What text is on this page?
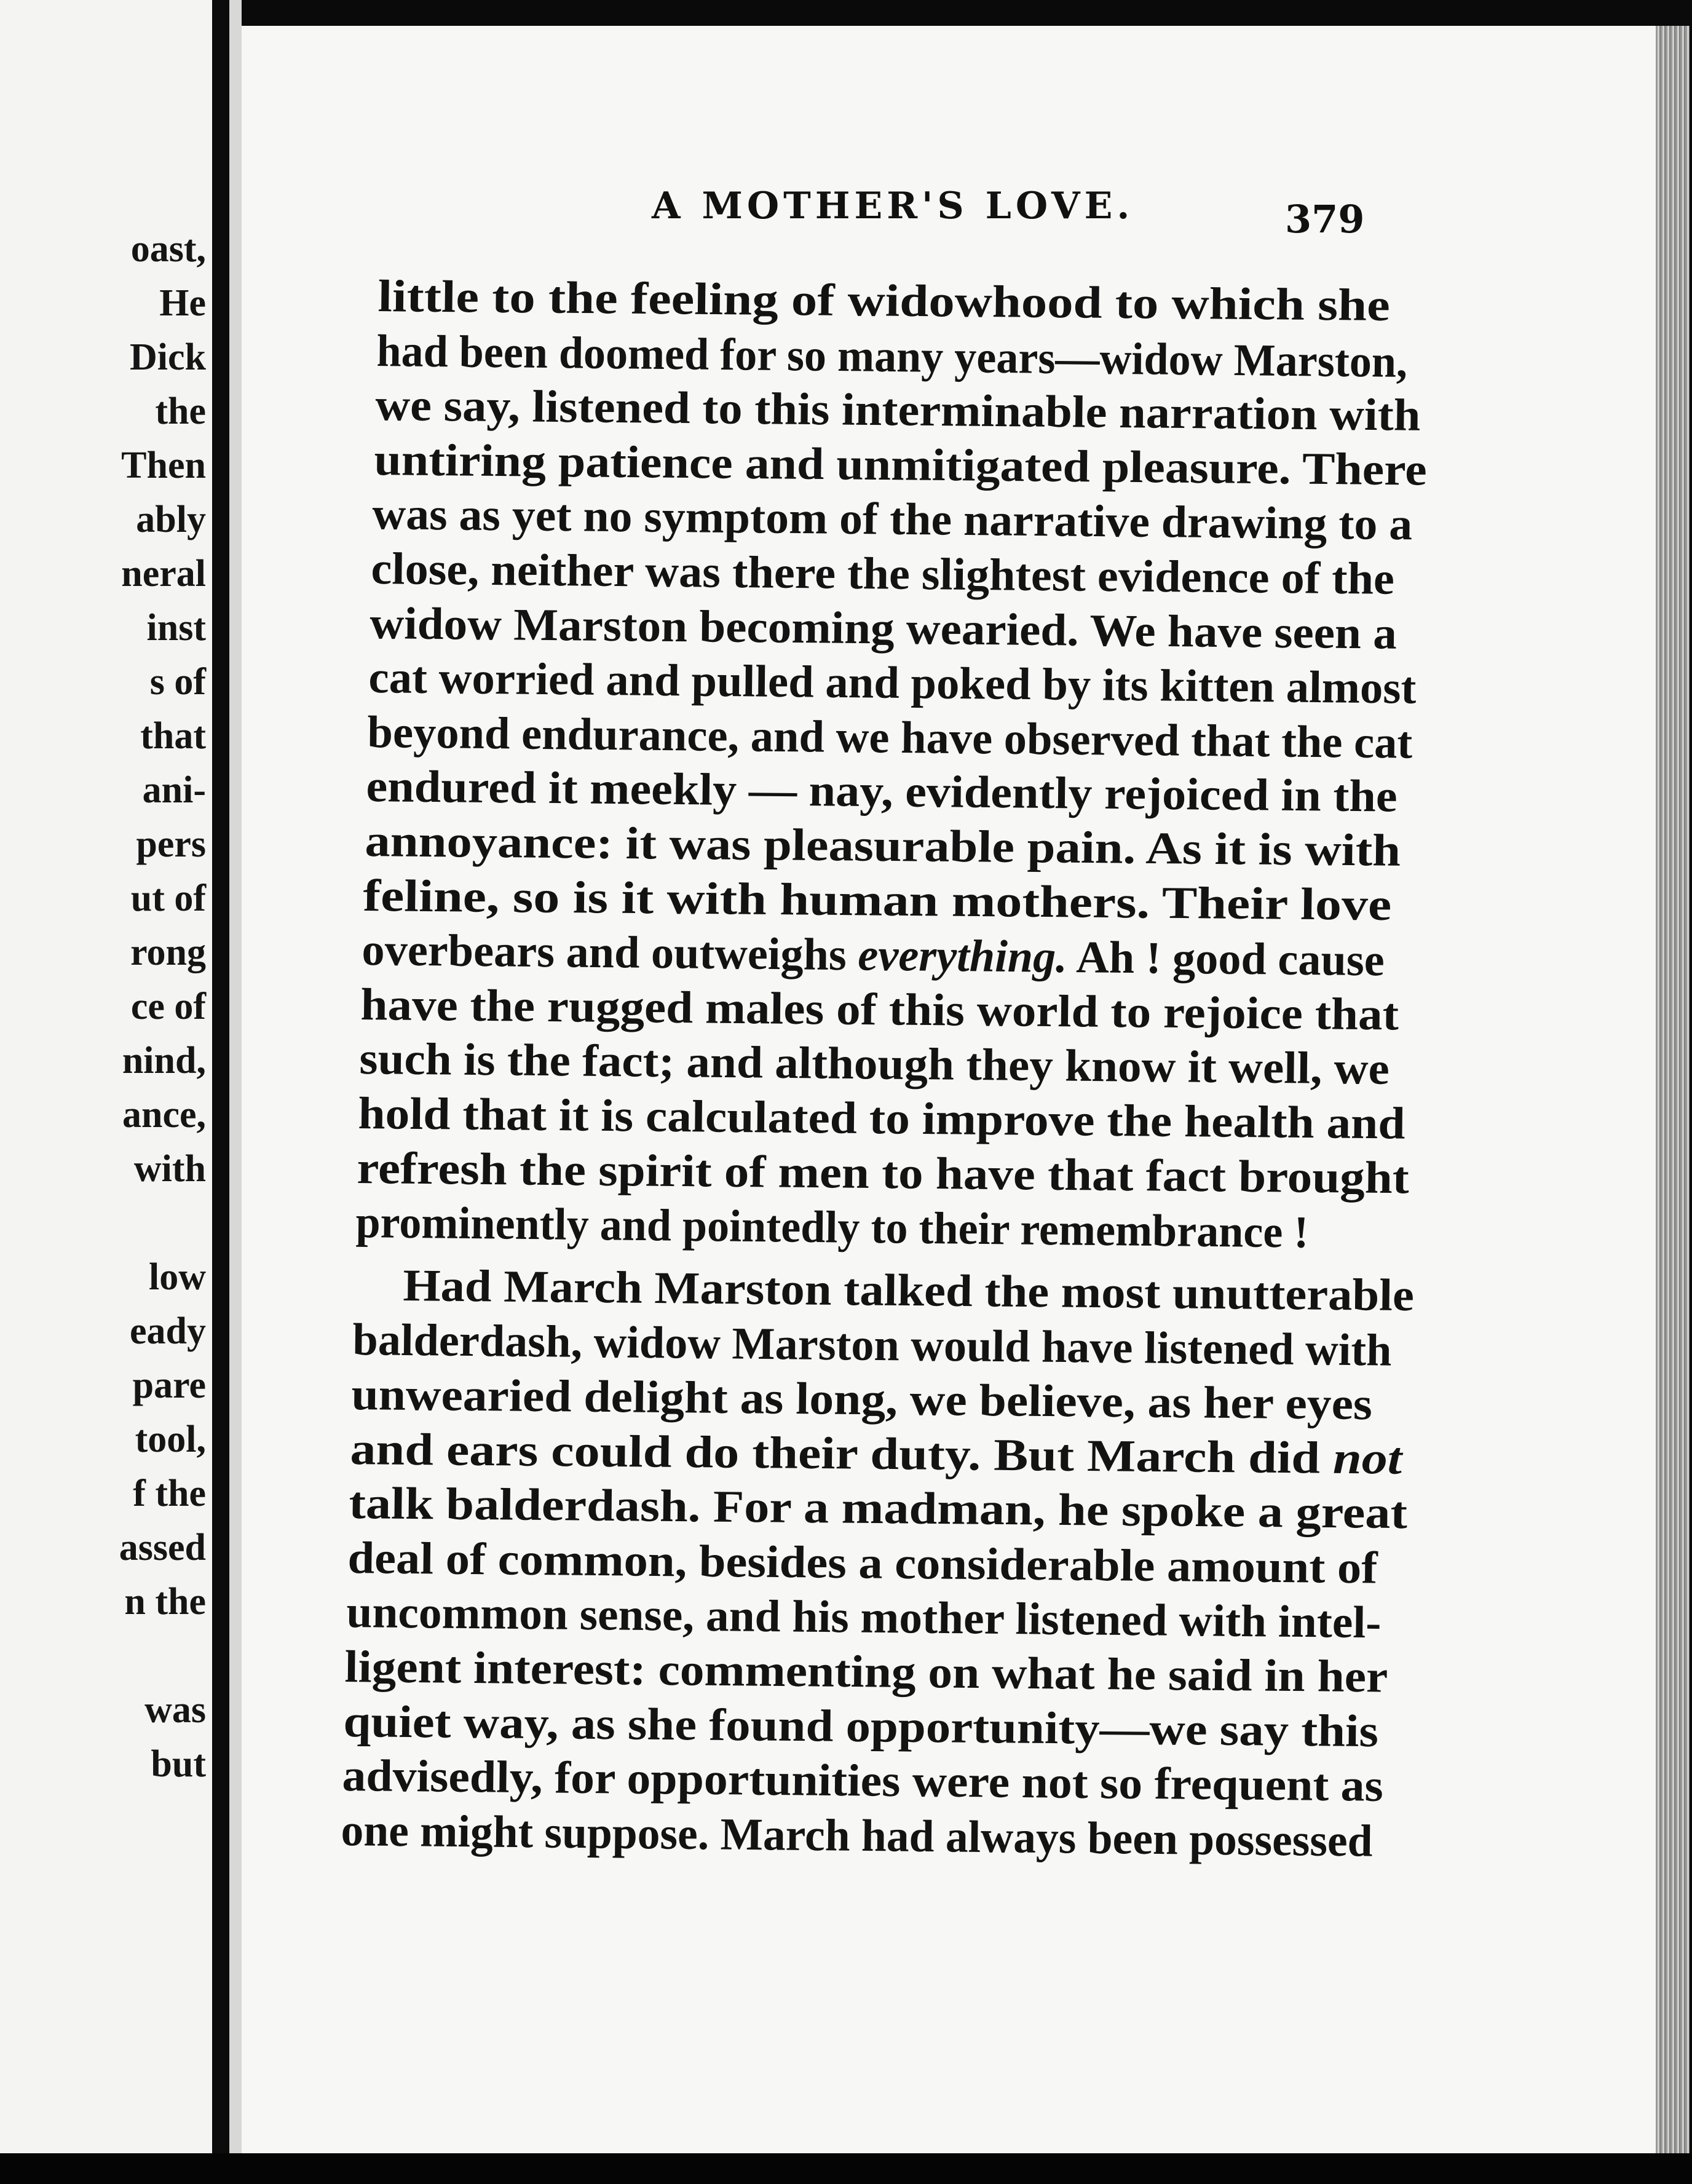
oast,
He
Dick
the
Then
ably
neral
inst
s of
that
ani-
pers
ut of
rong
ce of
nind,
ance,
with
low
eady
pare
tool,
f the
assed
n the
was
but
A MOTHER'S LOVE.	379
little to the feeling of widowhood to which she
had been doomed for so many years—widow Marston,
we say, listened to this interminable narration with
untiring patience and unmitigated pleasure. There
was as yet no symptom of the narrative drawing to a
close, neither was there the slightest evidence of the
widow Marston becoming wearied. We have seen a
cat worried and pulled and poked by its kitten almost
beyond endurance, and we have observed that the cat
endured it meekly — nay, evidently rejoiced in the
annoyance: it was pleasurable pain. As it is with
feline, so is it with human mothers. Their love
overbears and outweighs everything. Ah ! good cause
have the rugged males of this world to rejoice that
such is the fact; and although they know it well, we
hold that it is calculated to improve the health and
refresh the spirit of men to have that fact brought
prominently and pointedly to their remembrance !
Had March Marston talked the most unutterable
balderdash, widow Marston would have listened with
unwearied delight as long, we believe, as her eyes
and ears could do their duty. But March did not
talk balderdash. For a madman, he spoke a great
deal of common, besides a considerable amount of
uncommon sense, and his mother listened with intel-
ligent interest: commenting on what he said in her
quiet way, as she found opportunity—we say this
advisedly, for opportunities were not so frequent as
one might suppose. March had always been possessed
